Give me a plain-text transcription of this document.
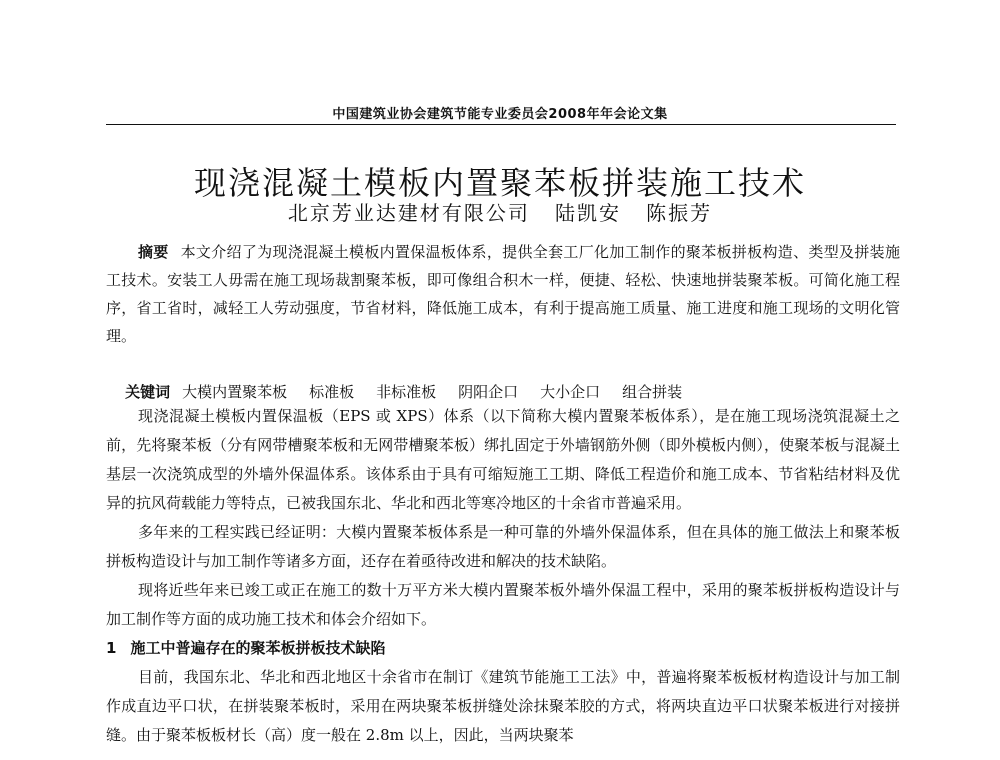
中国建筑业协会建筑节能专业委员会2008年年会论文集
现浇混凝土模板内置聚苯板拼装施工技术
北京芳业达建材有限公司   陆凯安   陈振芳
摘要 本文介绍了为现浇混凝土模板内置保温板体系，提供全套工厂化加工制作的聚苯板拼板构造、类型及拼装施工技术。安装工人毋需在施工现场裁割聚苯板，即可像组合积木一样，便捷、轻松、快速地拼装聚苯板。可简化施工程序，省工省时，减轻工人劳动强度，节省材料，降低施工成本，有利于提高施工质量、施工进度和施工现场的文明化管理。

关键词 大模内置聚苯板 标准板 非标准板 阴阳企口 大小企口 组合拼装

现浇混凝土模板内置保温板（EPS 或 XPS）体系（以下简称大模内置聚苯板体系），是在施工现场浇筑混凝土之前，先将聚苯板（分有网带槽聚苯板和无网带槽聚苯板）绑扎固定于外墙钢筋外侧（即外模板内侧），使聚苯板与混凝土基层一次浇筑成型的外墙外保温体系。该体系由于具有可缩短施工工期、降低工程造价和施工成本、节省粘结材料及优异的抗风荷载能力等特点，已被我国东北、华北和西北等寒冷地区的十余省市普遍采用。

多年来的工程实践已经证明：大模内置聚苯板体系是一种可靠的外墙外保温体系，但在具体的施工做法上和聚苯板拼板构造设计与加工制作等诸多方面，还存在着亟待改进和解决的技术缺陷。

现将近些年来已竣工或正在施工的数十万平方米大模内置聚苯板外墙外保温工程中，采用的聚苯板拼板构造设计与加工制作等方面的成功施工技术和体会介绍如下。

1 施工中普遍存在的聚苯板拼板技术缺陷

目前，我国东北、华北和西北地区十余省市在制订《建筑节能施工工法》中，普遍将聚苯板板材构造设计与加工制作成直边平口状，在拼装聚苯板时，采用在两块聚苯板拼缝处涂抹聚苯胶的方式，将两块直边平口状聚苯板进行对接拼缝。由于聚苯板板材长（高）度一般在 2.8m 以上，因此，当两块聚苯
